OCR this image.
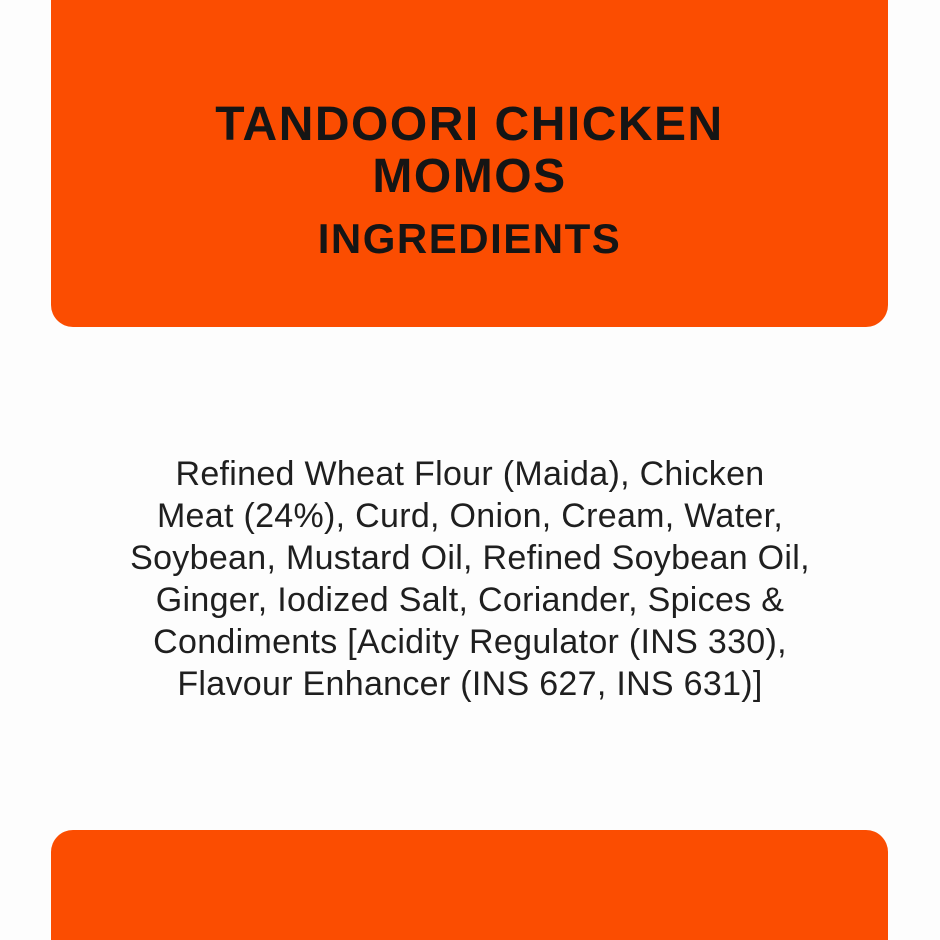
TANDOORI CHICKEN
MOMOS
INGREDIENTS
Refined Wheat Flour (Maida), Chicken
Meat (24%), Curd, Onion, Cream, Water,
Soybean, Mustard Oil, Refined Soybean Oil,
Ginger, Iodized Salt, Coriander, Spices &
Condiments [Acidity Regulator (INS 330),
Flavour Enhancer (INS 627, INS 631)]
